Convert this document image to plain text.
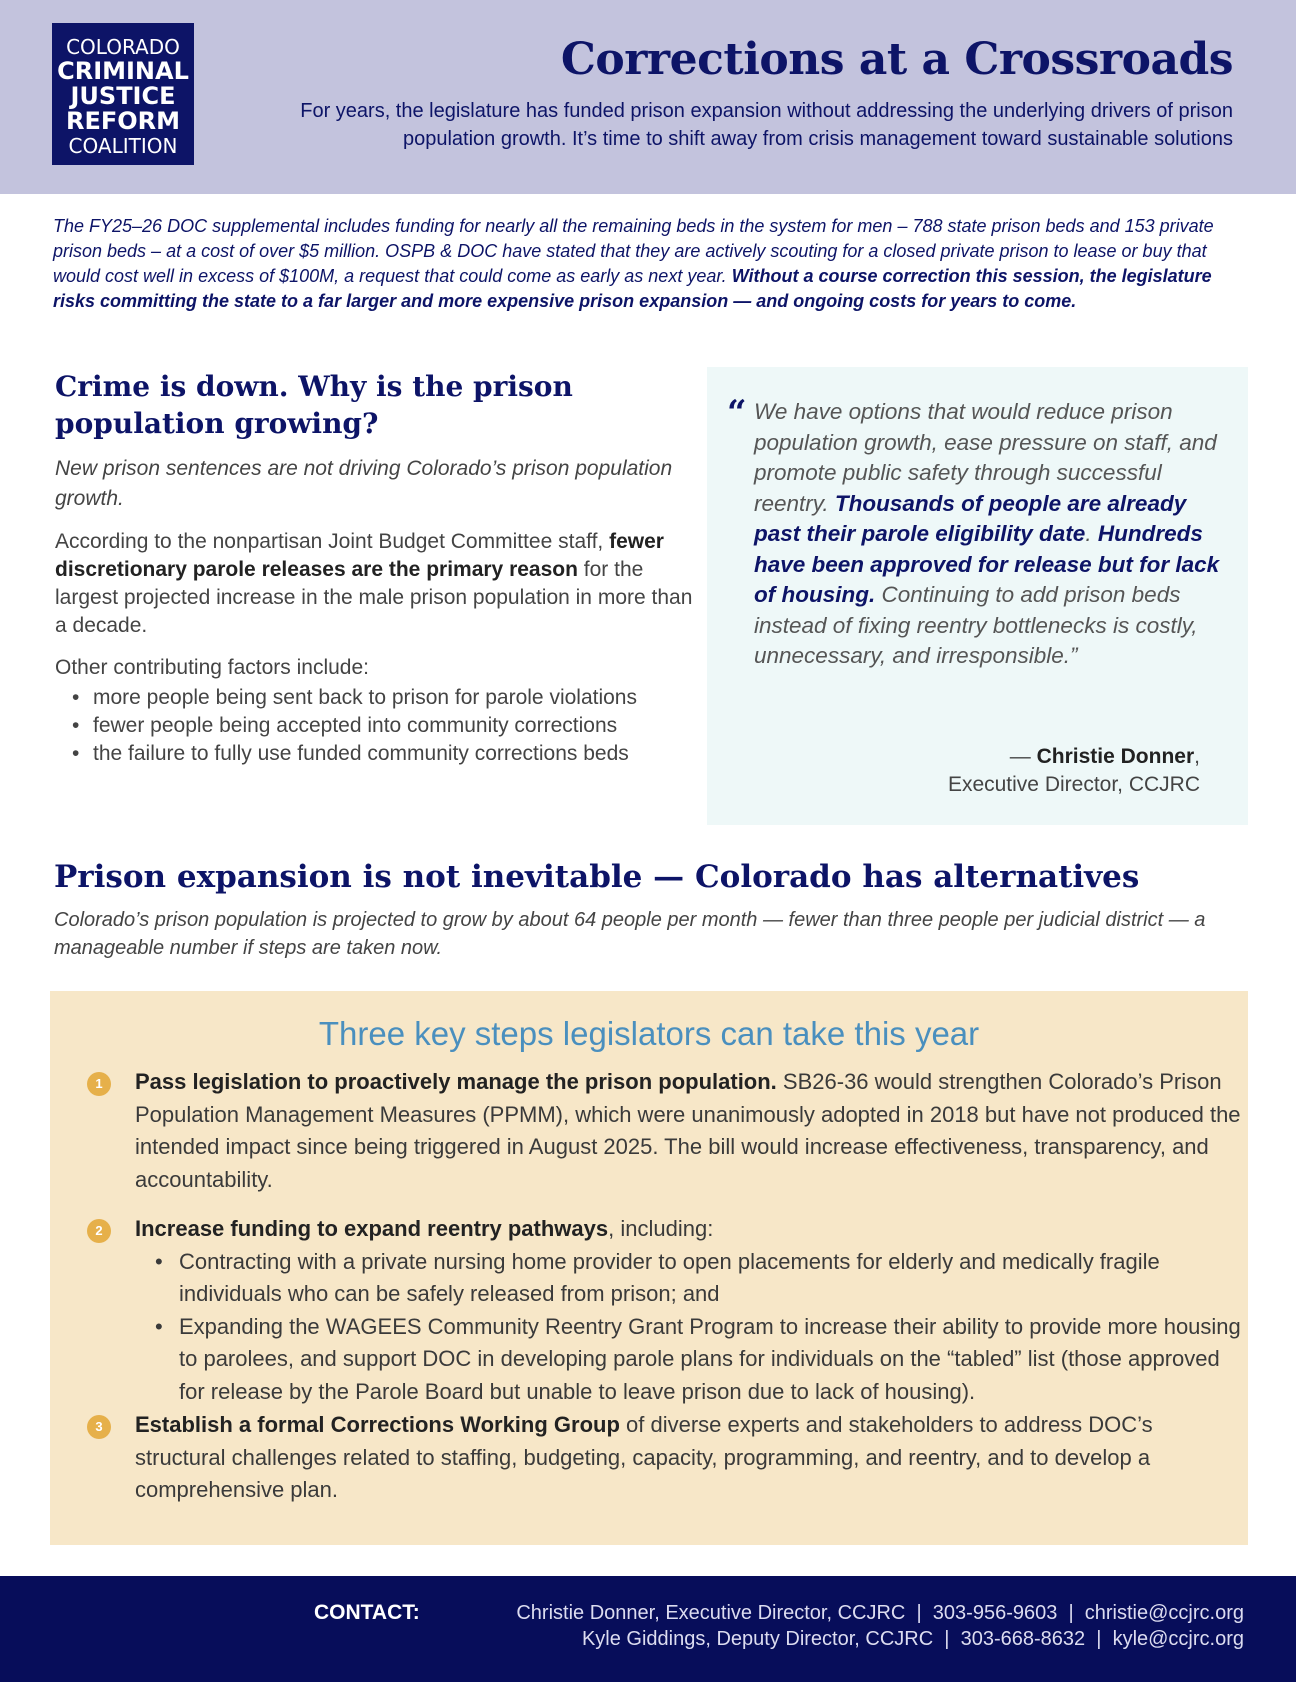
COLORADO
CRIMINAL
JUSTICE
REFORM
COALITION
Corrections at a Crossroads
For years, the legislature has funded prison expansion without addressing the underlying drivers of prison
population growth. It’s time to shift away from crisis management toward sustainable solutions

The FY25–26 DOC supplemental includes funding for nearly all the remaining beds in the system for men – 788 state prison beds and 153 private prison beds – at a cost of over $5 million. OSPB & DOC have stated that they are actively scouting for a closed private prison to lease or buy that would cost well in excess of $100M, a request that could come as early as next year. Without a course correction this session, the legislature risks committing the state to a far larger and more expensive prison expansion — and ongoing costs for years to come.

Crime is down. Why is the prison population growing?

New prison sentences are not driving Colorado’s prison population growth.

According to the nonpartisan Joint Budget Committee staff, fewer discretionary parole releases are the primary reason for the largest projected increase in the male prison population in more than a decade.

Other contributing factors include:
• more people being sent back to prison for parole violations
• fewer people being accepted into community corrections
• the failure to fully use funded community corrections beds
“ We have options that would reduce prison population growth, ease pressure on staff, and promote public safety through successful reentry. Thousands of people are already past their parole eligibility date. Hundreds have been approved for release but for lack of housing. Continuing to add prison beds instead of fixing reentry bottlenecks is costly, unnecessary, and irresponsible.”

— Christie Donner,
Executive Director, CCJRC
Prison expansion is not inevitable — Colorado has alternatives

Colorado’s prison population is projected to grow by about 64 people per month — fewer than three people per judicial district — a manageable number if steps are taken now.

Three key steps legislators can take this year
1	Pass legislation to proactively manage the prison population. SB26-36 would strengthen Colorado’s Prison Population Management Measures (PPMM), which were unanimously adopted in 2018 but have not produced the intended impact since being triggered in August 2025. The bill would increase effectiveness, transparency, and accountability.
2	Increase funding to expand reentry pathways, including:
• Contracting with a private nursing home provider to open placements for elderly and medically fragile individuals who can be safely released from prison; and
• Expanding the WAGEES Community Reentry Grant Program to increase their ability to provide more housing to parolees, and support DOC in developing parole plans for individuals on the “tabled” list (those approved for release by the Parole Board but unable to leave prison due to lack of housing).
3	Establish a formal Corrections Working Group of diverse experts and stakeholders to address DOC’s structural challenges related to staffing, budgeting, capacity, programming, and reentry, and to develop a comprehensive plan.
CONTACT:	Christie Donner, Executive Director, CCJRC  |  303-956-9603  |  christie@ccjrc.org
Kyle Giddings, Deputy Director, CCJRC  |  303-668-8632  |  kyle@ccjrc.org
